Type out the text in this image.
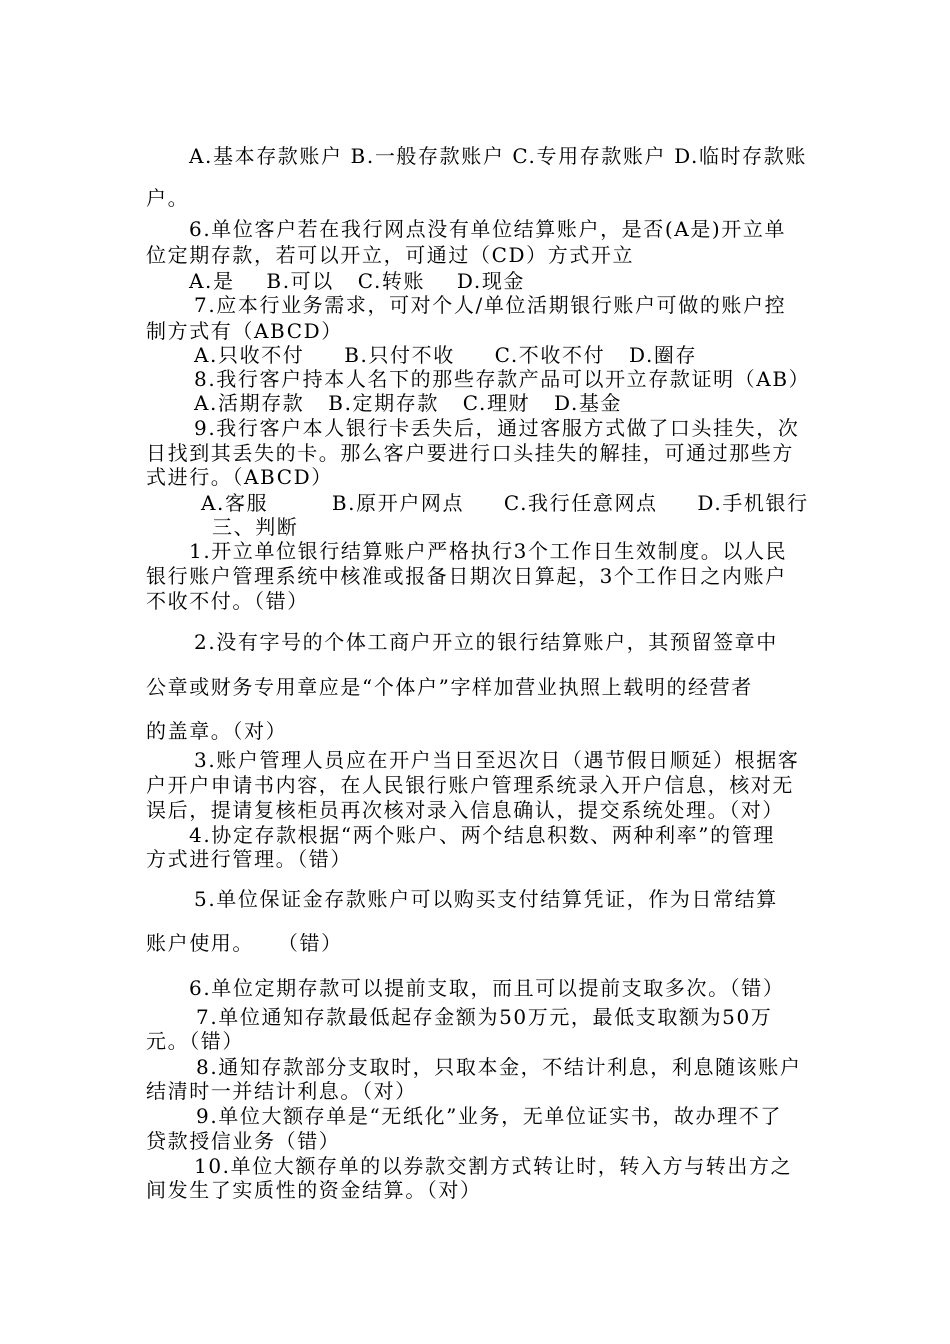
A.基本存款账户 B.一般存款账户 C.专用存款账户 D.临时存款账
户。
6.单位客户若在我行网点没有单位结算账户，是否(A是)开立单
位定期存款，若可以开立，可通过（CD）方式开立
A.是    B.可以   C.转账    D.现金
7.应本行业务需求，可对个人/单位活期银行账户可做的账户控
制方式有（ABCD）
A.只收不付     B.只付不收     C.不收不付   D.圈存
8.我行客户持本人名下的那些存款产品可以开立存款证明（AB）
A.活期存款   B.定期存款   C.理财   D.基金
9.我行客户本人银行卡丢失后，通过客服方式做了口头挂失，次
日找到其丢失的卡。那么客户要进行口头挂失的解挂，可通过那些方
式进行。（ABCD）
A.客服        B.原开户网点     C.我行任意网点     D.手机银行
三、判断
1.开立单位银行结算账户严格执行3个工作日生效制度。以人民
银行账户管理系统中核准或报备日期次日算起，3个工作日之内账户
不收不付。（错）
2.没有字号的个体工商户开立的银行结算账户，其预留签章中
公章或财务专用章应是“个体户”字样加营业执照上载明的经营者
的盖章。（对）
3.账户管理人员应在开户当日至迟次日（遇节假日顺延）根据客
户开户申请书内容，在人民银行账户管理系统录入开户信息，核对无
误后，提请复核柜员再次核对录入信息确认，提交系统处理。（对）
4.协定存款根据“两个账户、两个结息积数、两种利率”的管理
方式进行管理。（错）
5.单位保证金存款账户可以购买支付结算凭证，作为日常结算
账户使用。   （错）
6.单位定期存款可以提前支取，而且可以提前支取多次。（错）
7.单位通知存款最低起存金额为50万元，最低支取额为50万
元。（错）
8.通知存款部分支取时，只取本金，不结计利息，利息随该账户
结清时一并结计利息。（对）
9.单位大额存单是“无纸化”业务，无单位证实书，故办理不了
贷款授信业务（错）
10.单位大额存单的以券款交割方式转让时，转入方与转出方之
间发生了实质性的资金结算。（对）
